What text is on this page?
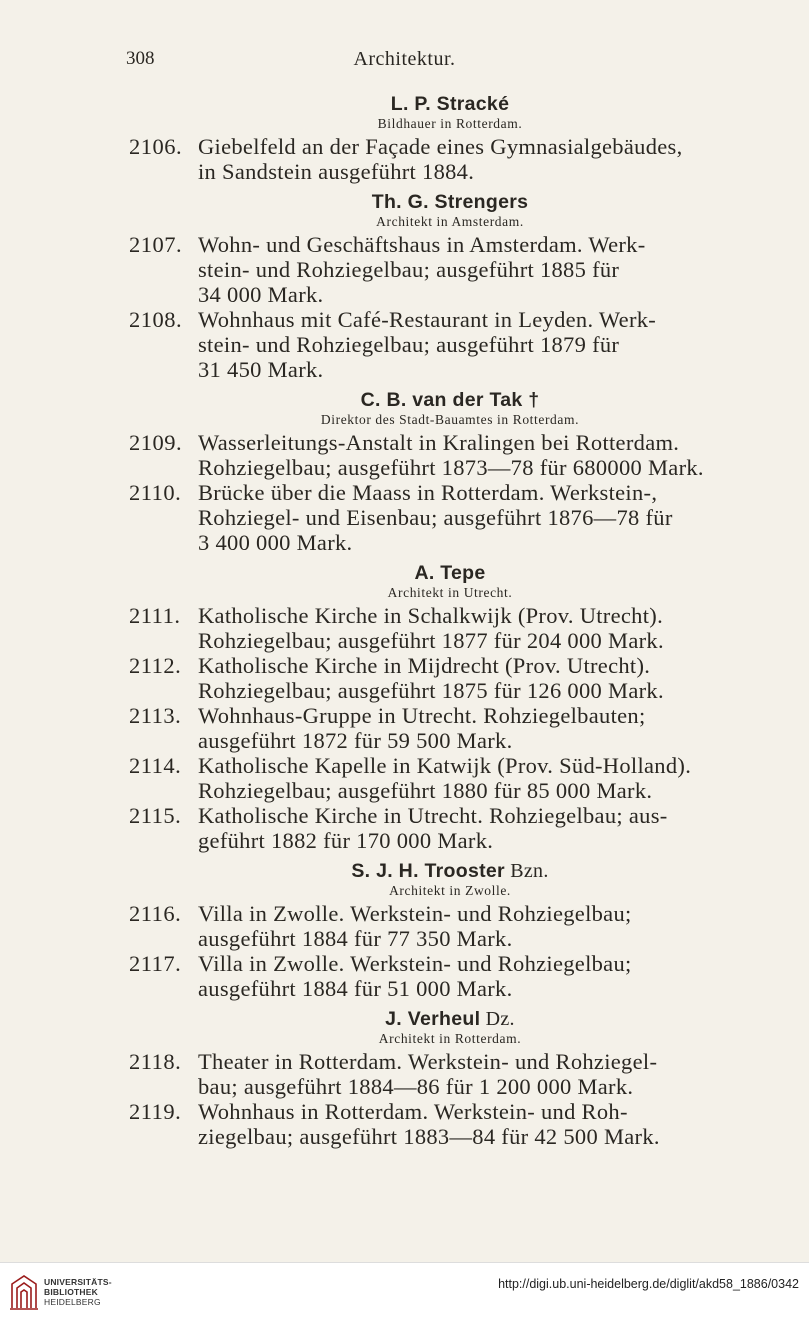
308	Architektur.
L. P. Stracké
Bildhauer in Rotterdam.
2106. Giebelfeld an der Façade eines Gymnasialgebäudes,
in Sandstein ausgeführt 1884.
Th. G. Strengers
Architekt in Amsterdam.
2107. Wohn- und Geschäftshaus in Amsterdam. Werk-
stein- und Rohziegelbau; ausgeführt 1885 für
34 000 Mark.
2108. Wohnhaus mit Café-Restaurant in Leyden. Werk-
stein- und Rohziegelbau; ausgeführt 1879 für
31 450 Mark.
C. B. van der Tak †
Direktor des Stadt-Bauamtes in Rotterdam.
2109. Wasserleitungs-Anstalt in Kralingen bei Rotterdam.
Rohziegelbau; ausgeführt 1873—78 für 680000 Mark.
2110. Brücke über die Maass in Rotterdam. Werkstein-,
Rohziegel- und Eisenbau; ausgeführt 1876—78 für
3 400 000 Mark.
A. Tepe
Architekt in Utrecht.
2111. Katholische Kirche in Schalkwijk (Prov. Utrecht).
Rohziegelbau; ausgeführt 1877 für 204 000 Mark.
2112. Katholische Kirche in Mijdrecht (Prov. Utrecht).
Rohziegelbau; ausgeführt 1875 für 126 000 Mark.
2113. Wohnhaus-Gruppe in Utrecht. Rohziegelbauten;
ausgeführt 1872 für 59 500 Mark.
2114. Katholische Kapelle in Katwijk (Prov. Süd-Holland).
Rohziegelbau; ausgeführt 1880 für 85 000 Mark.
2115. Katholische Kirche in Utrecht. Rohziegelbau; aus-
geführt 1882 für 170 000 Mark.
S. J. H. Trooster Bzn.
Architekt in Zwolle.
2116. Villa in Zwolle. Werkstein- und Rohziegelbau;
ausgeführt 1884 für 77 350 Mark.
2117. Villa in Zwolle. Werkstein- und Rohziegelbau;
ausgeführt 1884 für 51 000 Mark.
J. Verheul Dz.
Architekt in Rotterdam.
2118. Theater in Rotterdam. Werkstein- und Rohziegel-
bau; ausgeführt 1884—86 für 1 200 000 Mark.
2119. Wohnhaus in Rotterdam. Werkstein- und Roh-
ziegelbau; ausgeführt 1883—84 für 42 500 Mark.
UNIVERSITÄTS-
BIBLIOTHEK
HEIDELBERG
http://digi.ub.uni-heidelberg.de/diglit/akd58_1886/0342
